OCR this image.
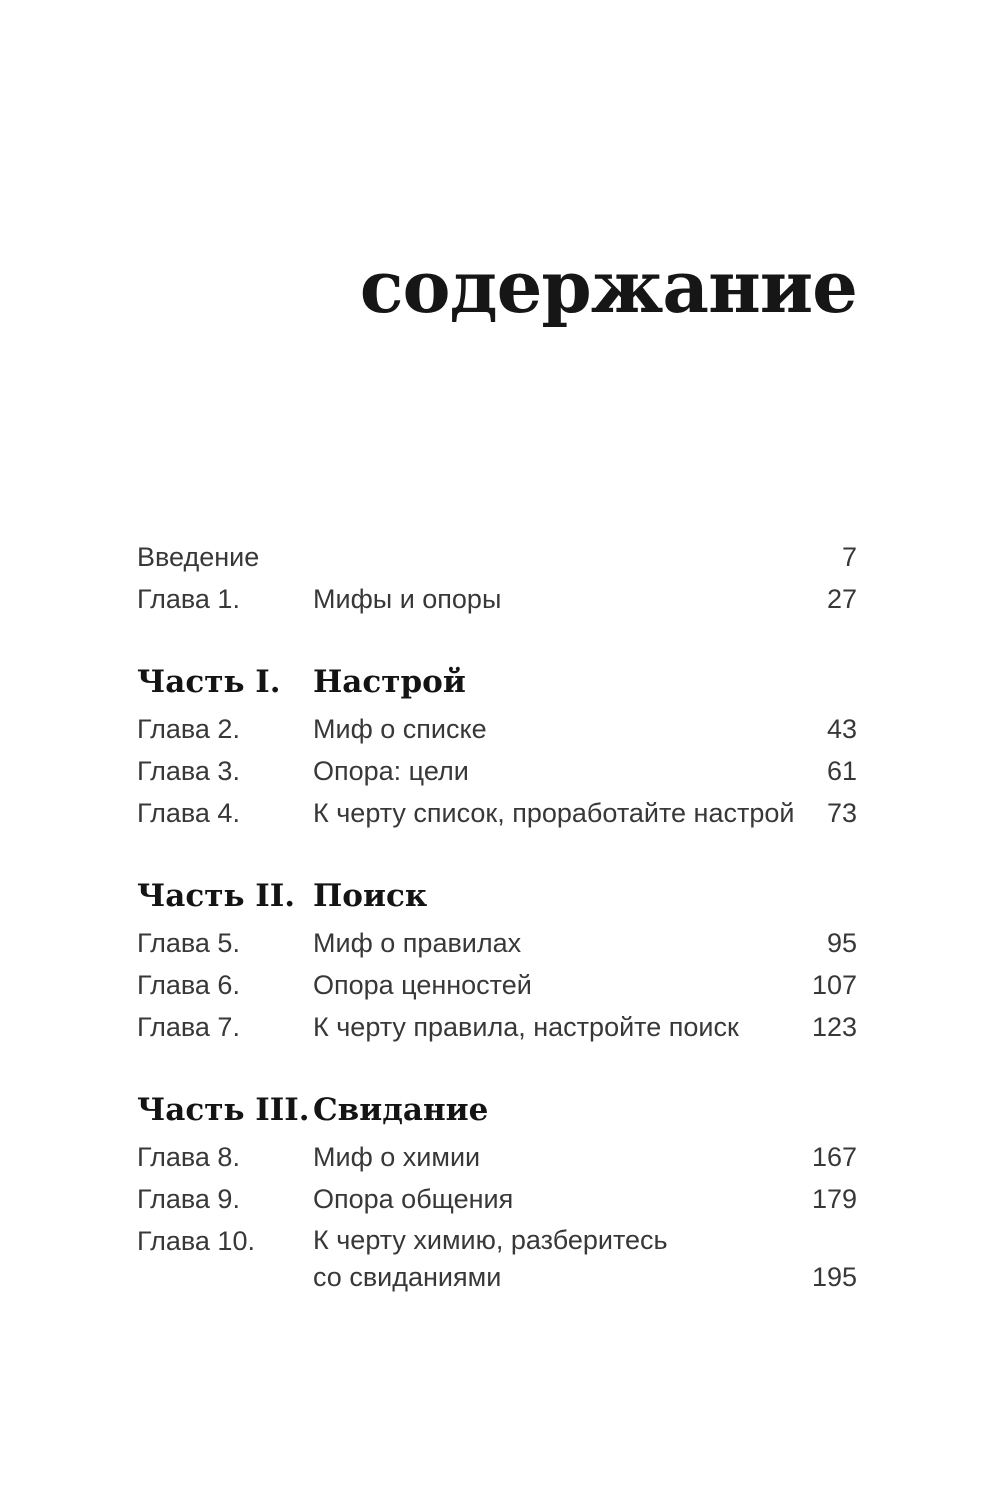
содержание
Введение	7
Глава 1.	Мифы и опоры	27
Часть I.	Настрой
Глава 2.	Миф о списке	43
Глава 3.	Опора: цели	61
Глава 4.	К черту список, проработайте настрой	73
Часть II. Поиск
Глава 5.	Миф о правилах	95
Глава 6.	Опора ценностей	107
Глава 7.	К черту правила, настройте поиск	123
Часть III. Свидание
Глава 8.	Миф о химии	167
Глава 9.	Опора общения	179
Глава 10.	К черту химию, разберитесь
со свиданиями	195
